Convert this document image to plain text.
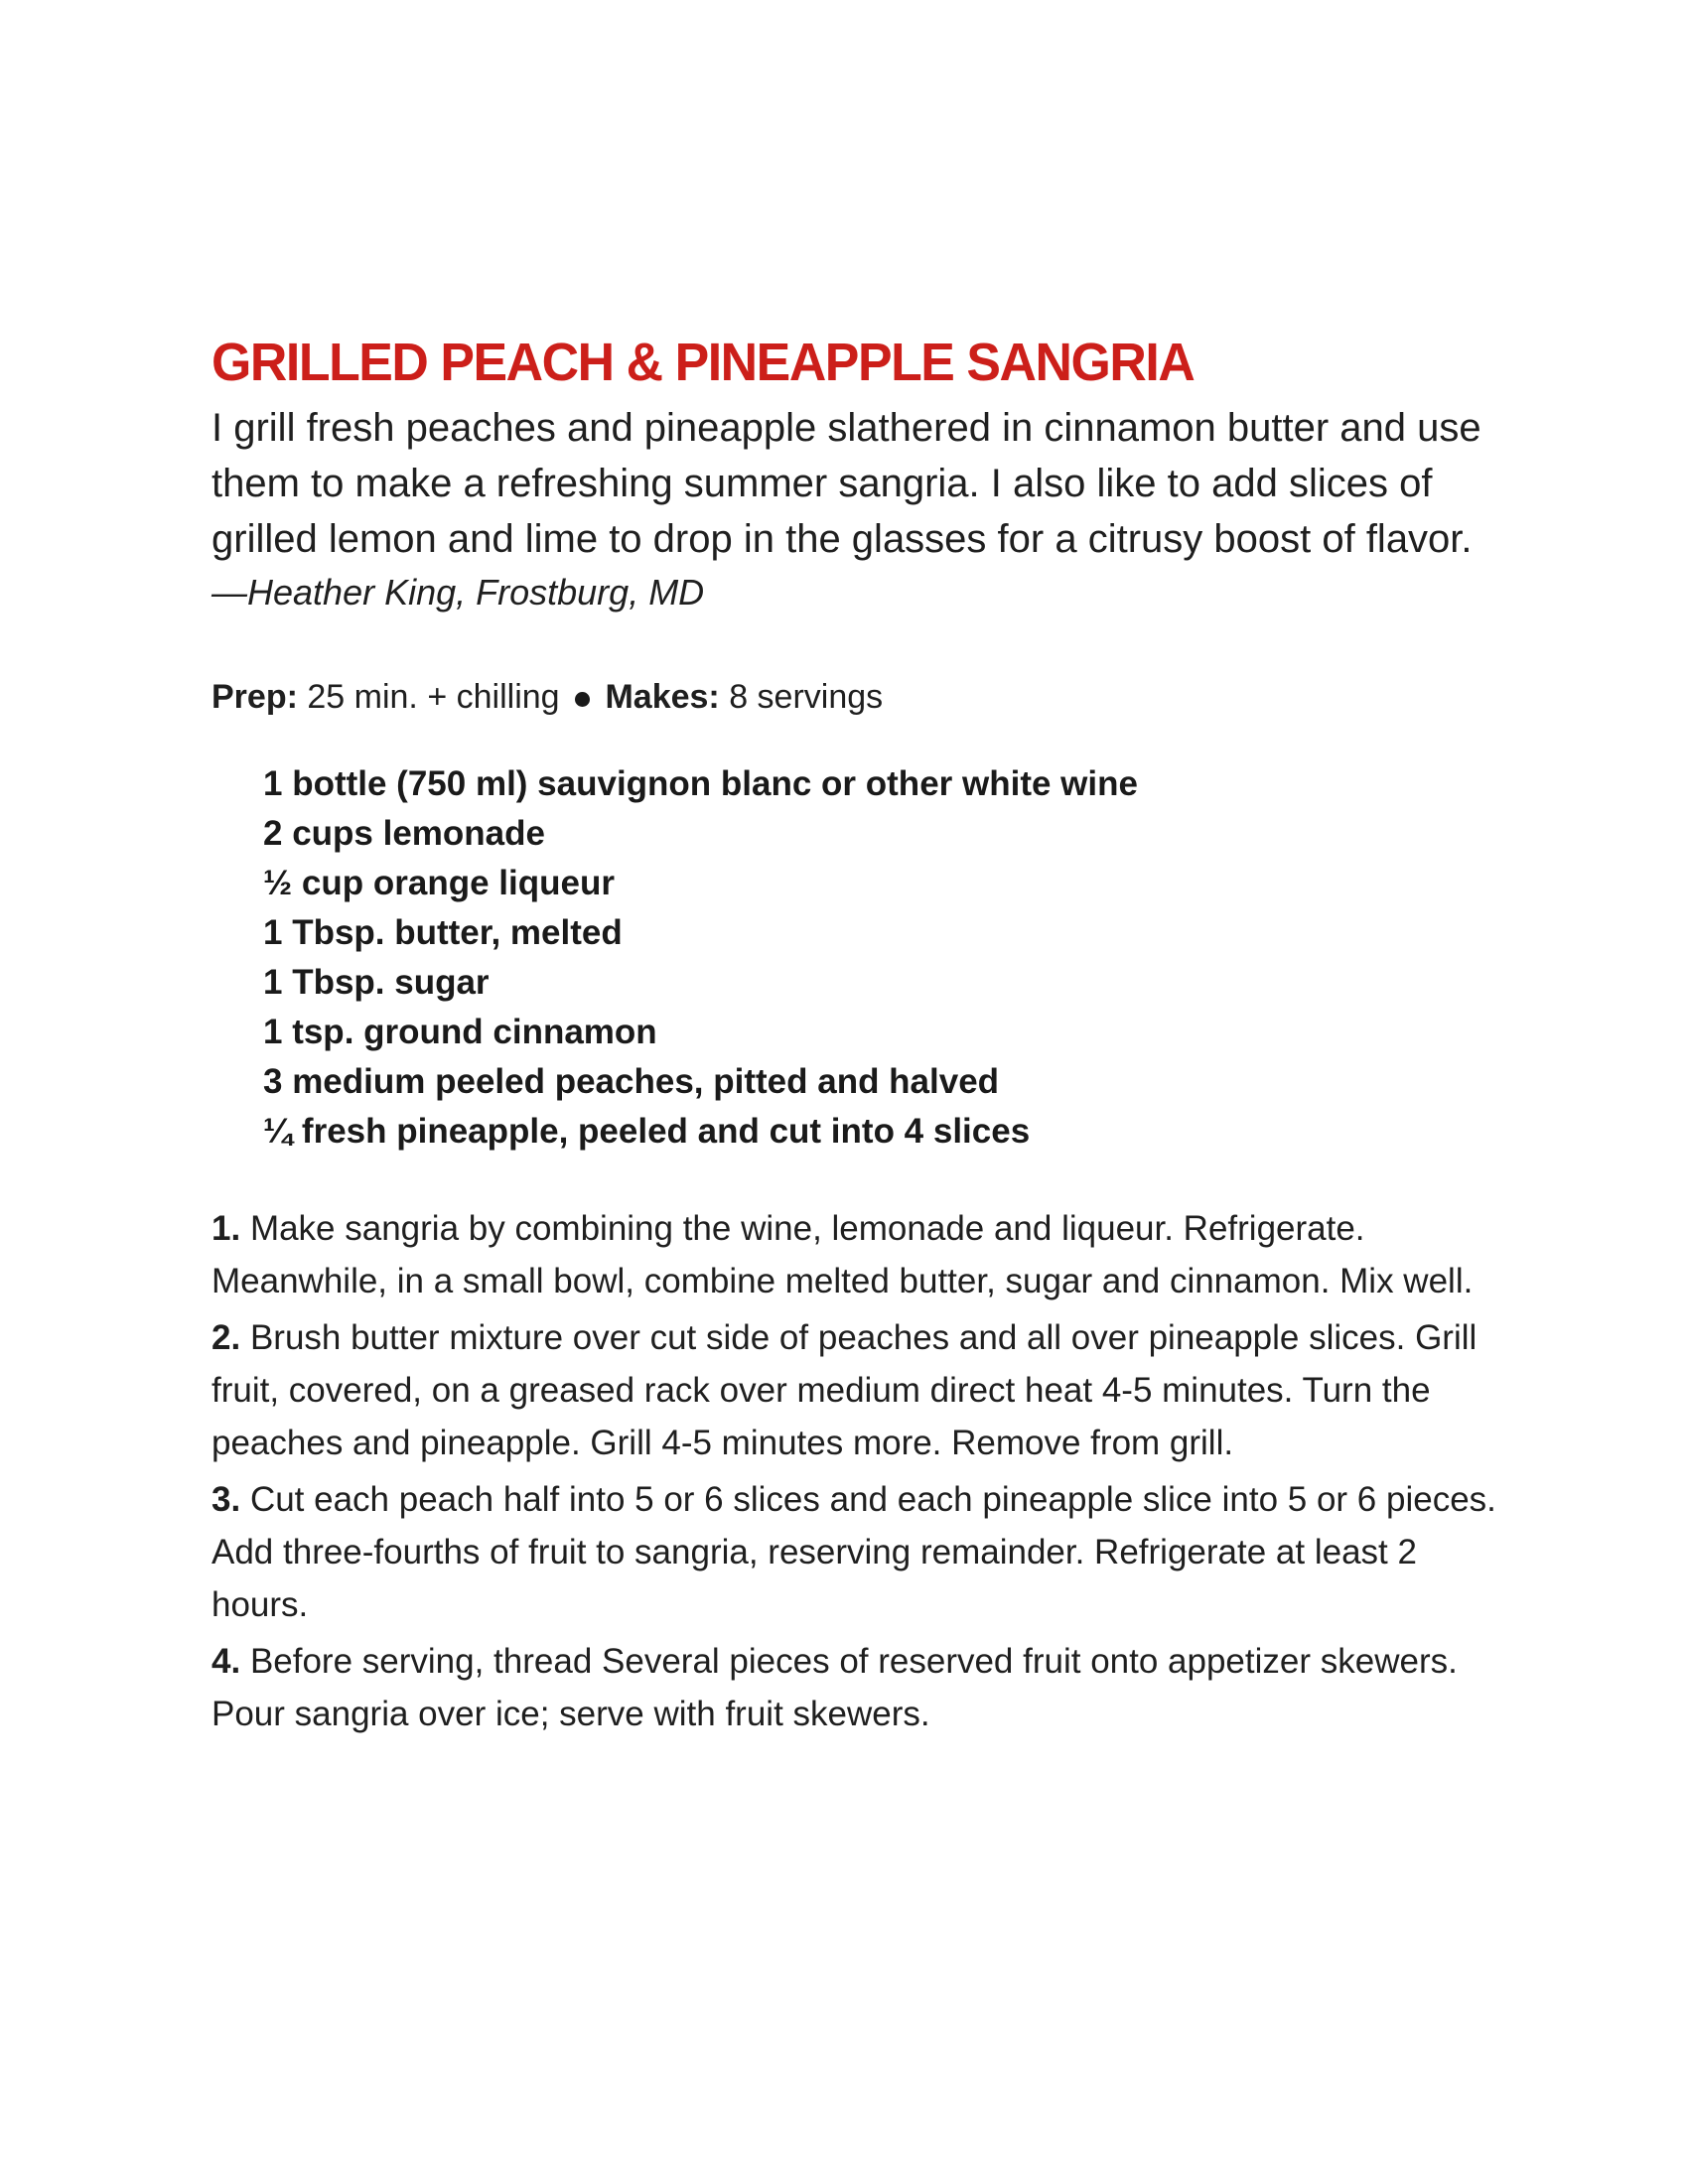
GRILLED PEACH & PINEAPPLE SANGRIA

I grill fresh peaches and pineapple slathered in cinnamon butter and use them to make a refreshing summer sangria. I also like to add slices of grilled lemon and lime to drop in the glasses for a citrusy boost of flavor.

—Heather King, Frostburg, MD

Prep: 25 min. + chilling Makes: 8 servings
1 bottle (750 ml) sauvignon blanc or other white wine
2 cups lemonade
½ cup orange liqueur
1 Tbsp. butter, melted
1 Tbsp. sugar
1 tsp. ground cinnamon
3 medium peeled peaches, pitted and halved
¼ fresh pineapple, peeled and cut into 4 slices

1. Make sangria by combining the wine, lemonade and liqueur. Refrigerate. Meanwhile, in a small bowl, combine melted butter, sugar and cinnamon. Mix well.

2. Brush butter mixture over cut side of peaches and all over pineapple slices. Grill fruit, covered, on a greased rack over medium direct heat 4-5 minutes. Turn the peaches and pineapple. Grill 4-5 minutes more. Remove from grill.

3. Cut each peach half into 5 or 6 slices and each pineapple slice into 5 or 6 pieces. Add three-fourths of fruit to sangria, reserving remainder. Refrigerate at least 2 hours.

4. Before serving, thread Several pieces of reserved fruit onto appetizer skewers. Pour sangria over ice; serve with fruit skewers.
